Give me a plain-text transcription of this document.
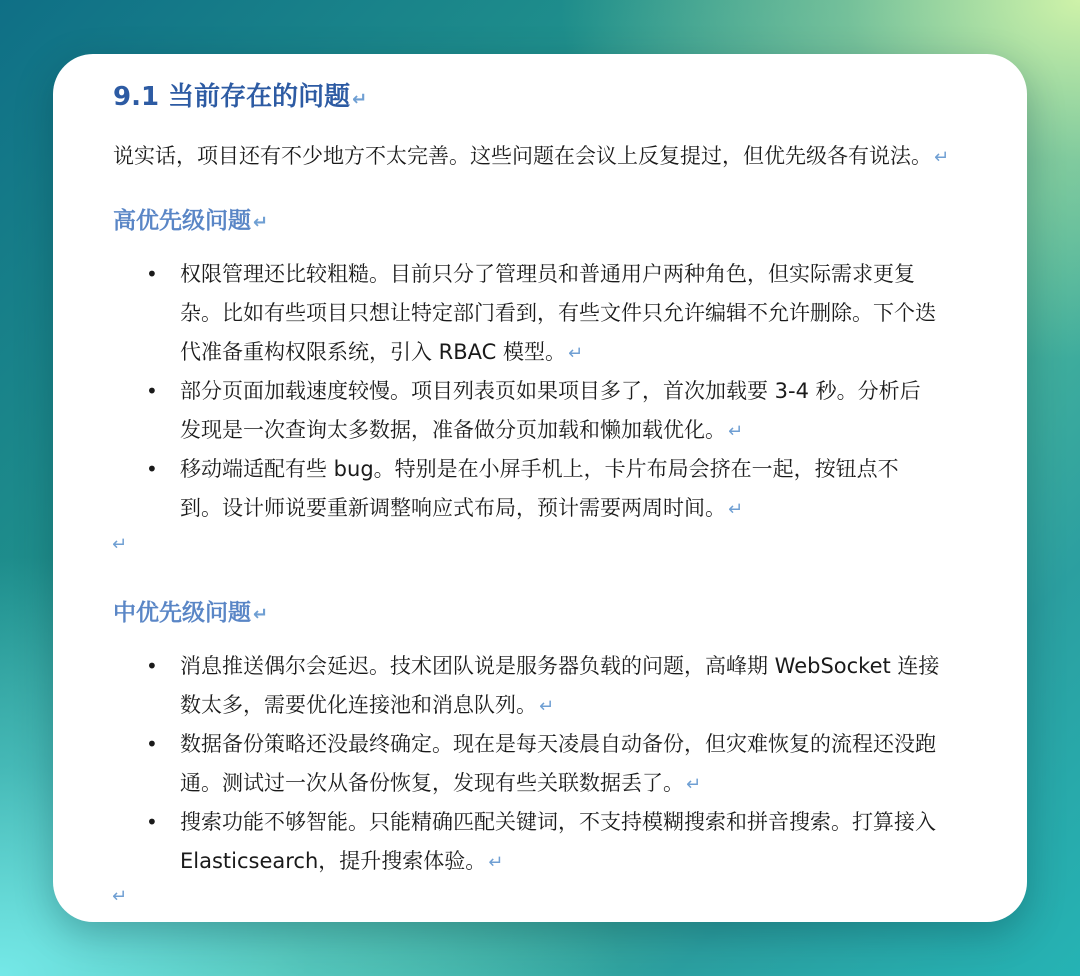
9.1 当前存在的问题 ↵
说实话，项目还有不少地方不太完善。这些问题在会议上反复提过，但优先级各有说法。 ↵
高优先级问题 ↵
• 权限管理还比较粗糙。目前只分了管理员和普通用户两种角色，但实际需求更复
杂。比如有些项目只想让特定部门看到，有些文件只允许编辑不允许删除。下个迭
代准备重构权限系统，引入 RBAC 模型。 ↵
• 部分页面加载速度较慢。项目列表页如果项目多了，首次加载要 3-4 秒。分析后
发现是一次查询太多数据，准备做分页加载和懒加载优化。 ↵
• 移动端适配有些 bug。特别是在小屏手机上，卡片布局会挤在一起，按钮点不
到。设计师说要重新调整响应式布局，预计需要两周时间。 ↵
↵
中优先级问题 ↵
• 消息推送偶尔会延迟。技术团队说是服务器负载的问题，高峰期 WebSocket 连接
数太多，需要优化连接池和消息队列。 ↵
• 数据备份策略还没最终确定。现在是每天凌晨自动备份，但灾难恢复的流程还没跑
通。测试过一次从备份恢复，发现有些关联数据丢了。 ↵
• 搜索功能不够智能。只能精确匹配关键词，不支持模糊搜索和拼音搜索。打算接入
Elasticsearch，提升搜索体验。 ↵
↵
